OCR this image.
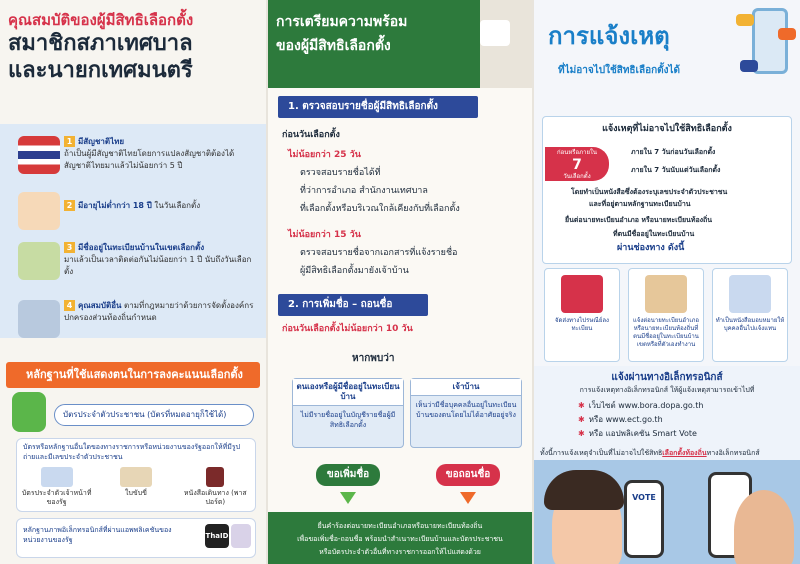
คุณสมบัติของผู้มีสิทธิเลือกตั้ง
สมาชิกสภาเทศบาล
และนายกเทศมนตรี
1 มีสัญชาติไทย
ถ้าเป็นผู้มีสัญชาติไทยโดยการแปลงสัญชาติต้องได้สัญชาติไทยมาแล้วไม่น้อยกว่า 5 ปี
2 มีอายุไม่ต่ำกว่า 18 ปี ในวันเลือกตั้ง
3 มีชื่ออยู่ในทะเบียนบ้านในเขตเลือกตั้ง
มาแล้วเป็นเวลาติดต่อกันไม่น้อยกว่า 1 ปี นับถึงวันเลือกตั้ง
4 คุณสมบัติอื่น ตามที่กฎหมายว่าด้วยการจัดตั้งองค์กรปกครองส่วนท้องถิ่นกำหนด
หลักฐานที่ใช้แสดงตนในการลงคะแนนเลือกตั้ง
บัตรประจำตัวประชาชน (บัตรที่หมดอายุก็ใช้ได้)
บัตรหรือหลักฐานอื่นใดของทางราชการหรือหน่วยงานของรัฐออกให้ที่มีรูปถ่ายและมีเลขประจำตัวประชาชน
บัตรประจำตัวเจ้าหน้าที่ของรัฐ
ใบขับขี่	หนังสือเดินทาง (พาสปอร์ต)
หลักฐานภาพอิเล็กทรอนิกส์ที่ผ่านแอพพลิเคชันของหน่วยงานของรัฐ	ThaID
การเตรียมความพร้อม
ของผู้มีสิทธิเลือกตั้ง
1. ตรวจสอบรายชื่อผู้มีสิทธิเลือกตั้ง
ก่อนวันเลือกตั้ง
ไม่น้อยกว่า 25 วัน
ตรวจสอบรายชื่อได้ที่
ที่ว่าการอำเภอ สำนักงานเทศบาล
ที่เลือกตั้งหรือบริเวณใกล้เคียงกับที่เลือกตั้ง
ไม่น้อยกว่า 15 วัน
ตรวจสอบรายชื่อจากเอกสารที่แจ้งรายชื่อ
ผู้มีสิทธิเลือกตั้งมายังเจ้าบ้าน
2. การเพิ่มชื่อ – ถอนชื่อ
ก่อนวันเลือกตั้งไม่น้อยกว่า 10 วัน
หากพบว่า
ตนเองหรือผู้มีชื่ออยู่ในทะเบียนบ้าน
ไม่มีรายชื่ออยู่ในบัญชีรายชื่อผู้มีสิทธิเลือกตั้ง
เจ้าบ้าน
เห็นว่ามีชื่อบุคคลอื่นอยู่ในทะเบียนบ้านของตนโดยไม่ได้อาศัยอยู่จริง
ขอเพิ่มชื่อ	ขอถอนชื่อ
ยื่นคำร้องต่อนายทะเบียนอำเภอหรือนายทะเบียนท้องถิ่น
เพื่อขอเพิ่มชื่อ-ถอนชื่อ พร้อมนำสำเนาทะเบียนบ้านและบัตรประชาชน
หรือบัตรประจำตัวอื่นที่ทางราชการออกให้ไปแสดงด้วย
การแจ้งเหตุ
ที่ไม่อาจไปใช้สิทธิเลือกตั้งได้
แจ้งเหตุที่ไม่อาจไปใช้สิทธิเลือกตั้ง
ก่อนหรือภายใน
7
วันเลือกตั้ง
ภายใน 7 วันก่อนวันเลือกตั้ง
ภายใน 7 วันนับแต่วันเลือกตั้ง
โดยทำเป็นหนังสือซึ่งต้องระบุเลขประจำตัวประชาชน
และที่อยู่ตามหลักฐานทะเบียนบ้าน
ยื่นต่อนายทะเบียนอำเภอ หรือนายทะเบียนท้องถิ่น
ที่ตนมีชื่ออยู่ในทะเบียนบ้าน
ผ่านช่องทาง ดังนี้
จัดส่งทางไปรษณีย์ลงทะเบียน
แจ้งต่อนายทะเบียนอำเภอหรือนายทะเบียนท้องถิ่นที่ตนมีชื่ออยู่ในทะเบียนบ้านเขตหรือที่ตัวเองทำงาน
ทำเป็นหนังสือมอบหมายให้บุคคลอื่นไปแจ้งแทน
แจ้งผ่านทางอิเล็กทรอนิกส์
การแจ้งเหตุทางอิเล็กทรอนิกส์ ให้ผู้แจ้งเหตุสามารถเข้าไปที่
✱ เว็บไซต์ www.bora.dopa.go.th
✱ หรือ www.ect.go.th
✱ หรือ แอปพลิเคชัน Smart Vote
ทั้งนี้การแจ้งเหตุจำเป็นที่ไม่อาจไปใช้สิทธิเลือกตั้งท้องถิ่นทางอิเล็กทรอนิกส์
VOTE
